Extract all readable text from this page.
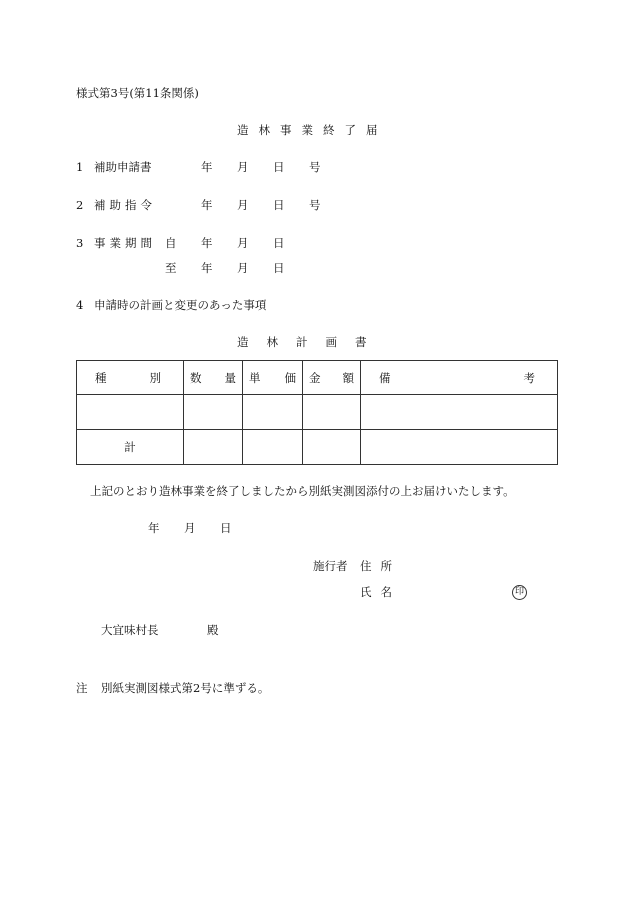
様式第3号(第11条関係)
造林事業終了届
1 補助申請書	年 月 日 号
2 補助指令	年 月 日 号
3 事業期間 自 年 月 日
至 年 月 日
4 申請時の計画と変更のあった事項
造林計画書
種 別	数 量	単 価	金 額	備 考

計				

上記のとおり造林事業を終了しましたから別紙実測図添付の上お届けいたします。
年 月 日
施行者 住所
氏名	印
大宜味村長	殿
注 別紙実測図様式第2号に準ずる。
